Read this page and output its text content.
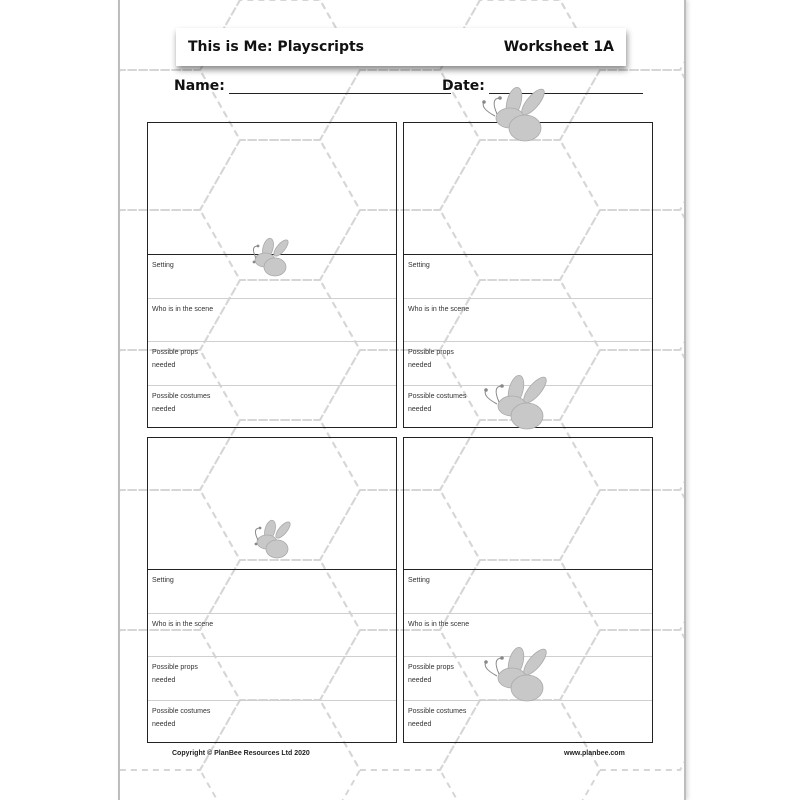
This is Me: Playscripts	Worksheet 1A
Name:	Date:
Setting
Who is in the scene
Possible props needed
Possible costumes needed
Setting
Who is in the scene
Possible props needed
Possible costumes needed
Setting
Who is in the scene
Possible props needed
Possible costumes needed
Setting
Who is in the scene
Possible props needed
Possible costumes needed
Copyright © PlanBee Resources Ltd 2020	www.planbee.com
